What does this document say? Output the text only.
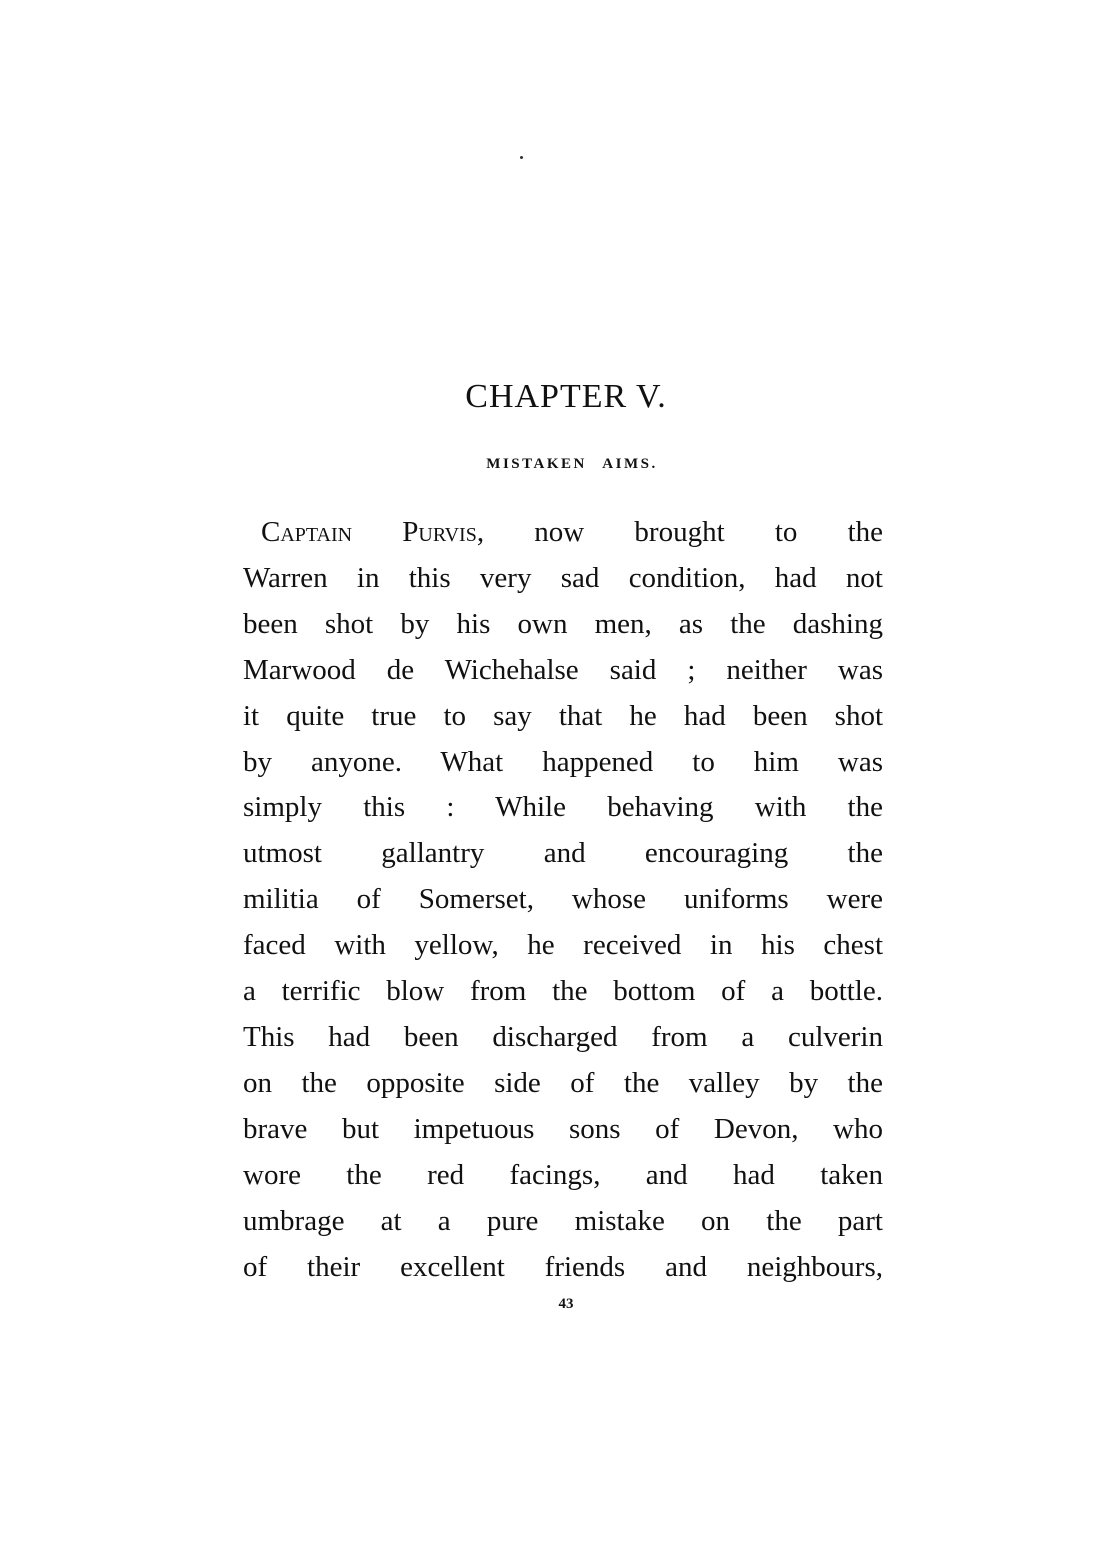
CHAPTER V.
MISTAKEN AIMS.
Captain Purvis, now brought to the
Warren in this very sad condition, had not
been shot by his own men, as the dashing
Marwood de Wichehalse said ; neither was
it quite true to say that he had been shot
by anyone. What happened to him was
simply this : While behaving with the
utmost gallantry and encouraging the
militia of Somerset, whose uniforms were
faced with yellow, he received in his chest
a terrific blow from the bottom of a bottle.
This had been discharged from a culverin
on the opposite side of the valley by the
brave but impetuous sons of Devon, who
wore the red facings, and had taken
umbrage at a pure mistake on the part
of their excellent friends and neighbours,
43
